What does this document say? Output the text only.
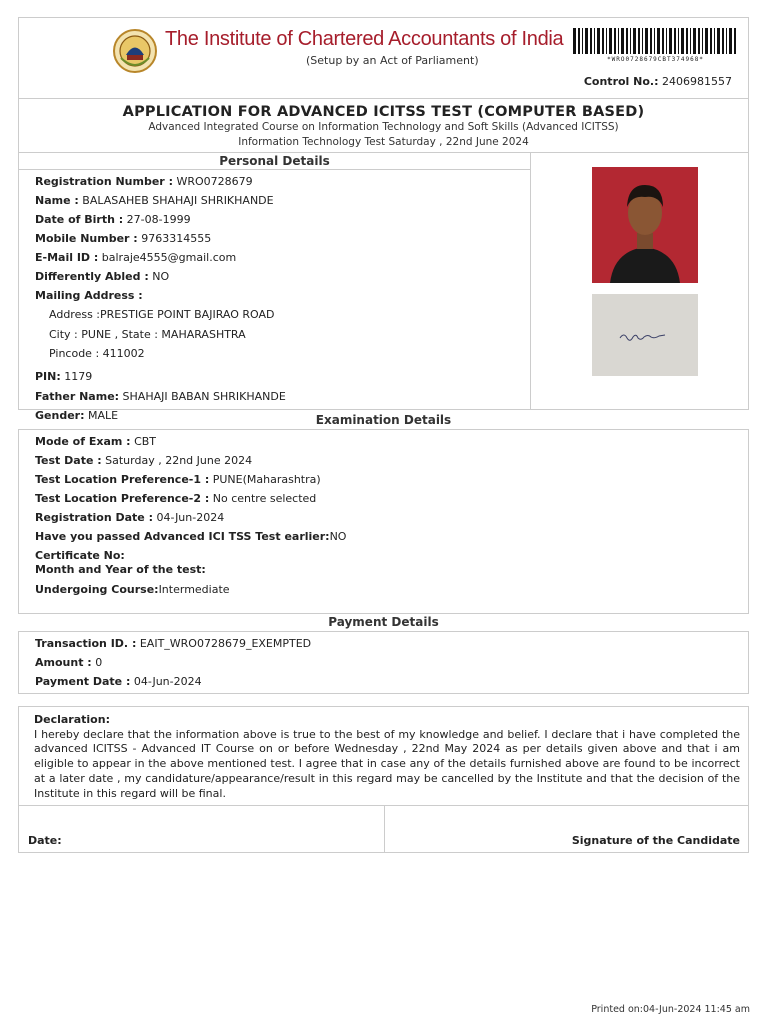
The Institute of Chartered Accountants of India
(Setup by an Act of Parliament)	*WRO0728679CBT374968*
Control No.: 2406981557
APPLICATION FOR ADVANCED ICITSS TEST (COMPUTER BASED)
Advanced Integrated Course on Information Technology and Soft Skills (Advanced ICITSS)
Information Technology Test Saturday , 22nd June 2024
Personal Details
Registration Number : WRO0728679
Name : BALASAHEB SHAHAJI SHRIKHANDE
Date of Birth : 27-08-1999
Mobile Number : 9763314555
E-Mail ID : balraje4555@gmail.com
Differently Abled : NO
Mailing Address :
Address :PRESTIGE POINT BAJIRAO ROAD
City : PUNE , State : MAHARASHTRA
Pincode : 411002
PIN: 1179
Father Name: SHAHAJI BABAN SHRIKHANDE
Gender: MALE	Examination Details
Mode of Exam : CBT
Test Date : Saturday , 22nd June 2024
Test Location Preference-1 : PUNE(Maharashtra)
Test Location Preference-2 : No centre selected
Registration Date : 04-Jun-2024
Have you passed Advanced ICI TSS Test earlier:NO
Certificate No:
Month and Year of the test:
Undergoing Course:Intermediate
Payment Details
Transaction ID. : EAIT_WRO0728679_EXEMPTED
Amount : 0
Payment Date : 04-Jun-2024
Declaration:
I hereby declare that the information above is true to the best of my knowledge and belief. I declare that i have completed the advanced ICITSS - Advanced IT Course on or before Wednesday , 22nd May 2024 as per details given above and that i am eligible to appear in the above mentioned test. I agree that in case any of the details furnished above are found to be incorrect at a later date , my candidature/appearance/result in this regard may be cancelled by the Institute and that the decision of the Institute in this regard will be final.
Date:	Signature of the Candidate
Printed on:04-Jun-2024 11:45 am
